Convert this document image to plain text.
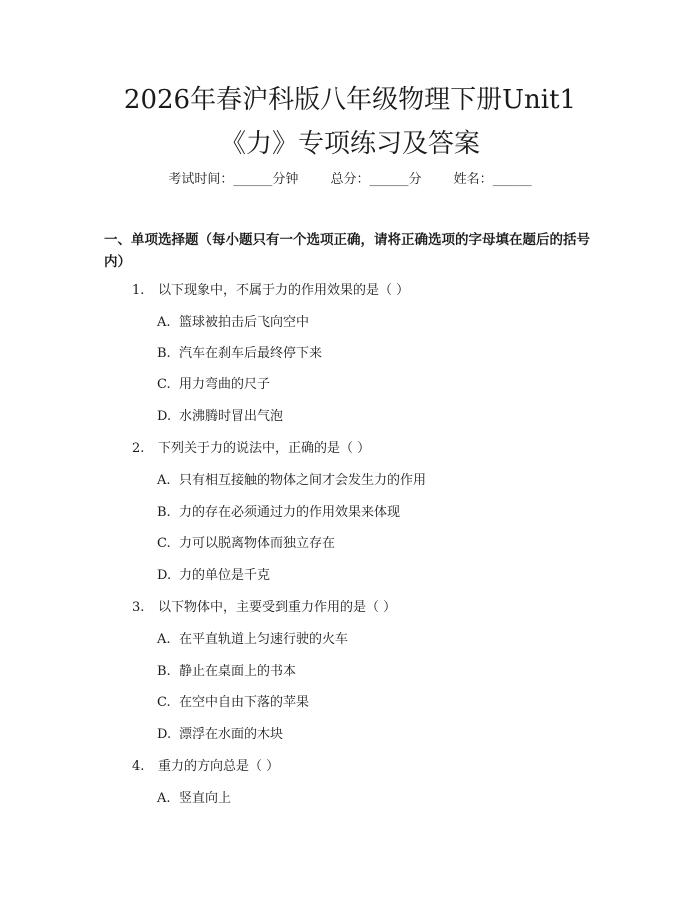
2026年春沪科版八年级物理下册Unit1
《力》专项练习及答案
考试时间：______分钟 总分：______分 姓名：______
一、单项选择题（每小题只有一个选项正确，请将正确选项的字母填在题后的括号内）
1. 以下现象中，不属于力的作用效果的是（ ）
A. 篮球被拍击后飞向空中
B. 汽车在刹车后最终停下来
C. 用力弯曲的尺子
D. 水沸腾时冒出气泡
2. 下列关于力的说法中，正确的是（ ）
A. 只有相互接触的物体之间才会发生力的作用
B. 力的存在必须通过力的作用效果来体现
C. 力可以脱离物体而独立存在
D. 力的单位是千克
3. 以下物体中，主要受到重力作用的是（ ）
A. 在平直轨道上匀速行驶的火车
B. 静止在桌面上的书本
C. 在空中自由下落的苹果
D. 漂浮在水面的木块
4. 重力的方向总是（ ）
A. 竖直向上
